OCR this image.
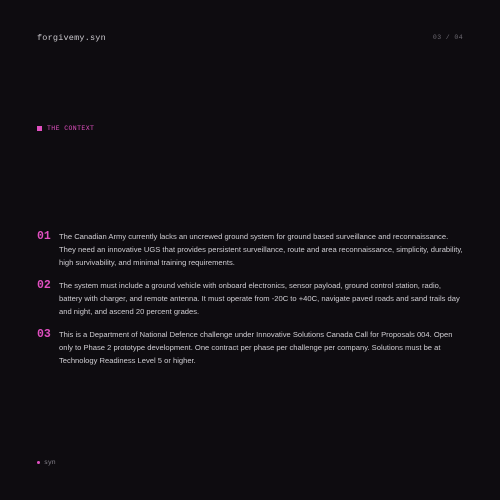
forgivemy.syn	03 / 04
THE CONTEXT
01	The Canadian Army currently lacks an uncrewed ground system for ground based surveillance and reconnaissance. They need an innovative UGS that provides persistent surveillance, route and area reconnaissance, simplicity, durability, high survivability, and minimal training requirements.
02	The system must include a ground vehicle with onboard electronics, sensor payload, ground control station, radio, battery with charger, and remote antenna. It must operate from -20C to +40C, navigate paved roads and sand trails day and night, and ascend 20 percent grades.
03	This is a Department of National Defence challenge under Innovative Solutions Canada Call for Proposals 004. Open only to Phase 2 prototype development. One contract per phase per challenge per company. Solutions must be at Technology Readiness Level 5 or higher.
syn
